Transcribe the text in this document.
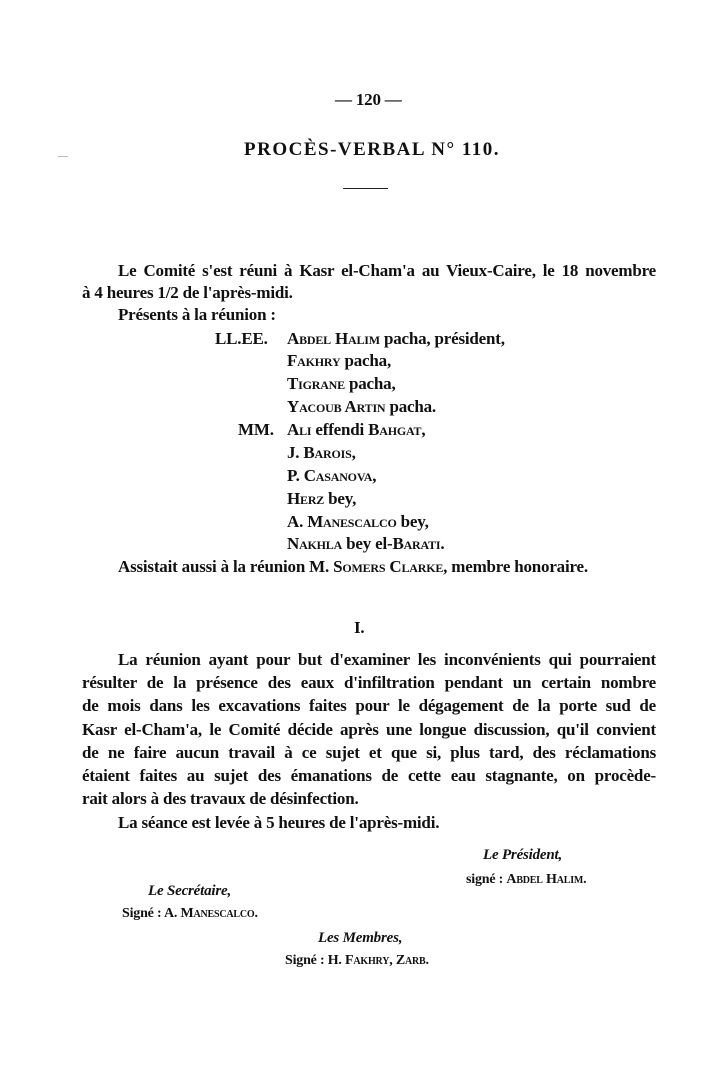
— 120 —
PROCÈS-VERBAL N° 110.
Le Comité s'est réuni à Kasr el-Cham'a au Vieux-Caire, le 18 novembre
à 4 heures 1/2 de l'après-midi.
Présents à la réunion :
LL.EE. Abdel Halim pacha, président,
Fakhry pacha,
Tigrane pacha,
Yacoub Artin pacha.
MM. Ali effendi Bahgat,
J. Barois,
P. Casanova,
Herz bey,
A. Manescalco bey,
Nakhla bey el-Barati.
Assistait aussi à la réunion M. Somers Clarke, membre honoraire.
I.
La réunion ayant pour but d'examiner les inconvénients qui pourraient
résulter de la présence des eaux d'infiltration pendant un certain nombre
de mois dans les excavations faites pour le dégagement de la porte sud de
Kasr el-Cham'a, le Comité décide après une longue discussion, qu'il convient
de ne faire aucun travail à ce sujet et que si, plus tard, des réclamations
étaient faites au sujet des émanations de cette eau stagnante, on procède-
rait alors à des travaux de désinfection.
La séance est levée à 5 heures de l'après-midi.
Le Président,
signé : Abdel Halim.
Le Secrétaire,
Signé : A. Manescalco.
Les Membres,
Signé : H. Fakhry, Zarb.
